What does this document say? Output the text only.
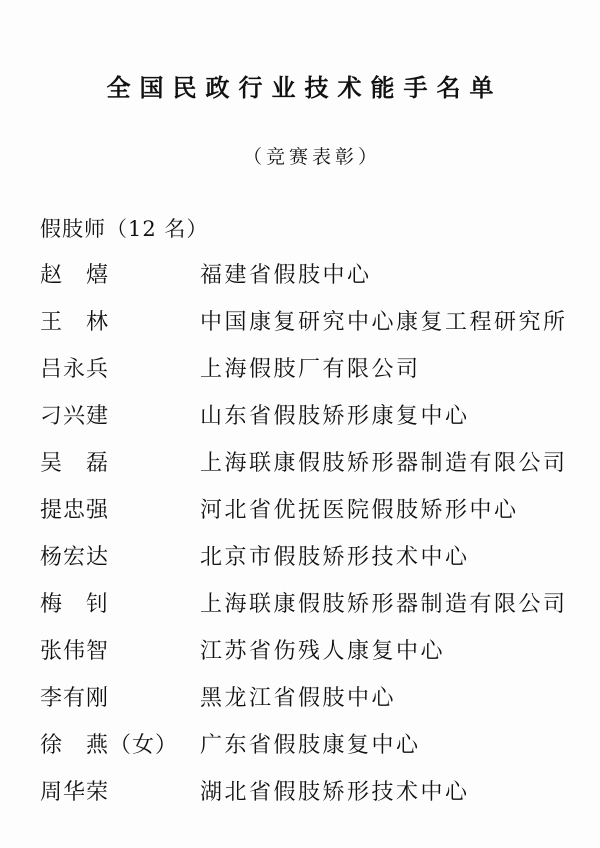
全国民政行业技术能手名单
（竞赛表彰）
假肢师（12 名）
赵　熺	福建省假肢中心
王　林	中国康复研究中心康复工程研究所
吕永兵	上海假肢厂有限公司
刁兴建	山东省假肢矫形康复中心
吴　磊	上海联康假肢矫形器制造有限公司
提忠强	河北省优抚医院假肢矫形中心
杨宏达	北京市假肢矫形技术中心
梅　钊	上海联康假肢矫形器制造有限公司
张伟智	江苏省伤残人康复中心
李有刚	黑龙江省假肢中心
徐　燕（女） 广东省假肢康复中心
周华荣	湖北省假肢矫形技术中心
